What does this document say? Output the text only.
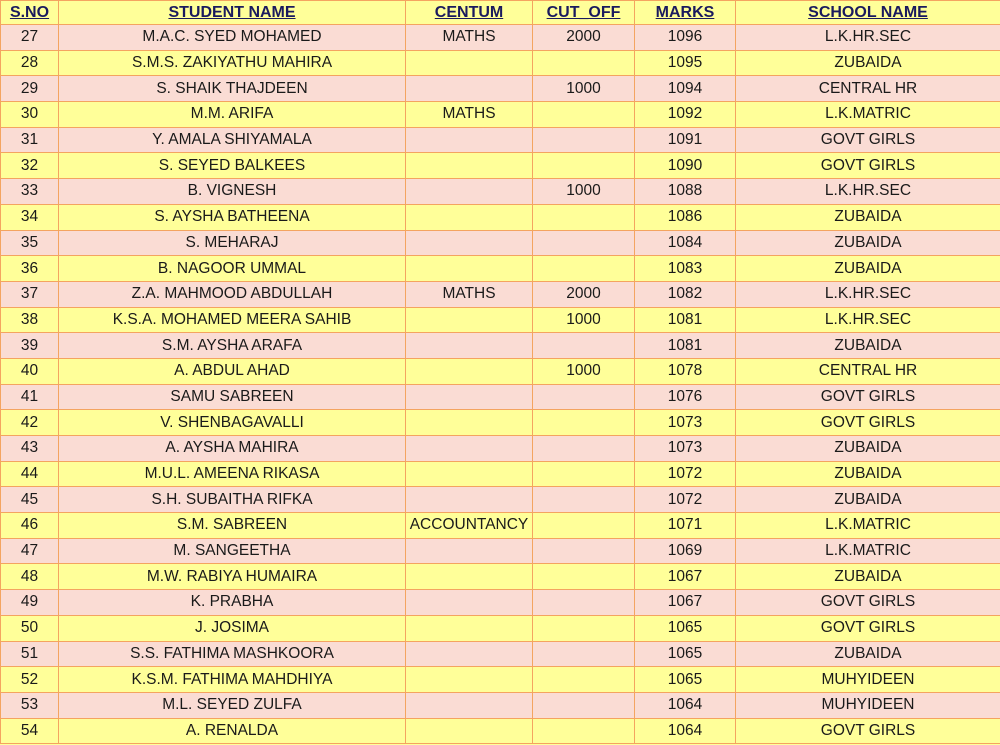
S.NO	STUDENT NAME	CENTUM	CUT_OFF	MARKS	SCHOOL NAME
27	M.A.C. SYED MOHAMED	MATHS	2000	1096	L.K.HR.SEC
28	S.M.S. ZAKIYATHU MAHIRA			1095	ZUBAIDA
29	S. SHAIK THAJDEEN		1000	1094	CENTRAL HR
30	M.M. ARIFA	MATHS		1092	L.K.MATRIC
31	Y. AMALA SHIYAMALA			1091	GOVT GIRLS
32	S. SEYED BALKEES			1090	GOVT GIRLS
33	B. VIGNESH		1000	1088	L.K.HR.SEC
34	S. AYSHA BATHEENA			1086	ZUBAIDA
35	S. MEHARAJ			1084	ZUBAIDA
36	B. NAGOOR UMMAL			1083	ZUBAIDA
37	Z.A. MAHMOOD ABDULLAH	MATHS	2000	1082	L.K.HR.SEC
38	K.S.A. MOHAMED MEERA SAHIB		1000	1081	L.K.HR.SEC
39	S.M. AYSHA ARAFA			1081	ZUBAIDA
40	A. ABDUL AHAD		1000	1078	CENTRAL HR
41	SAMU SABREEN			1076	GOVT GIRLS
42	V. SHENBAGAVALLI			1073	GOVT GIRLS
43	A. AYSHA MAHIRA			1073	ZUBAIDA
44	M.U.L. AMEENA RIKASA			1072	ZUBAIDA
45	S.H. SUBAITHA RIFKA			1072	ZUBAIDA
46	S.M. SABREEN	ACCOUNTANCY		1071	L.K.MATRIC
47	M. SANGEETHA			1069	L.K.MATRIC
48	M.W. RABIYA HUMAIRA			1067	ZUBAIDA
49	K. PRABHA			1067	GOVT GIRLS
50	J. JOSIMA			1065	GOVT GIRLS
51	S.S. FATHIMA MASHKOORA			1065	ZUBAIDA
52	K.S.M. FATHIMA MAHDHIYA			1065	MUHYIDEEN
53	M.L. SEYED ZULFA			1064	MUHYIDEEN
54	A. RENALDA			1064	GOVT GIRLS
